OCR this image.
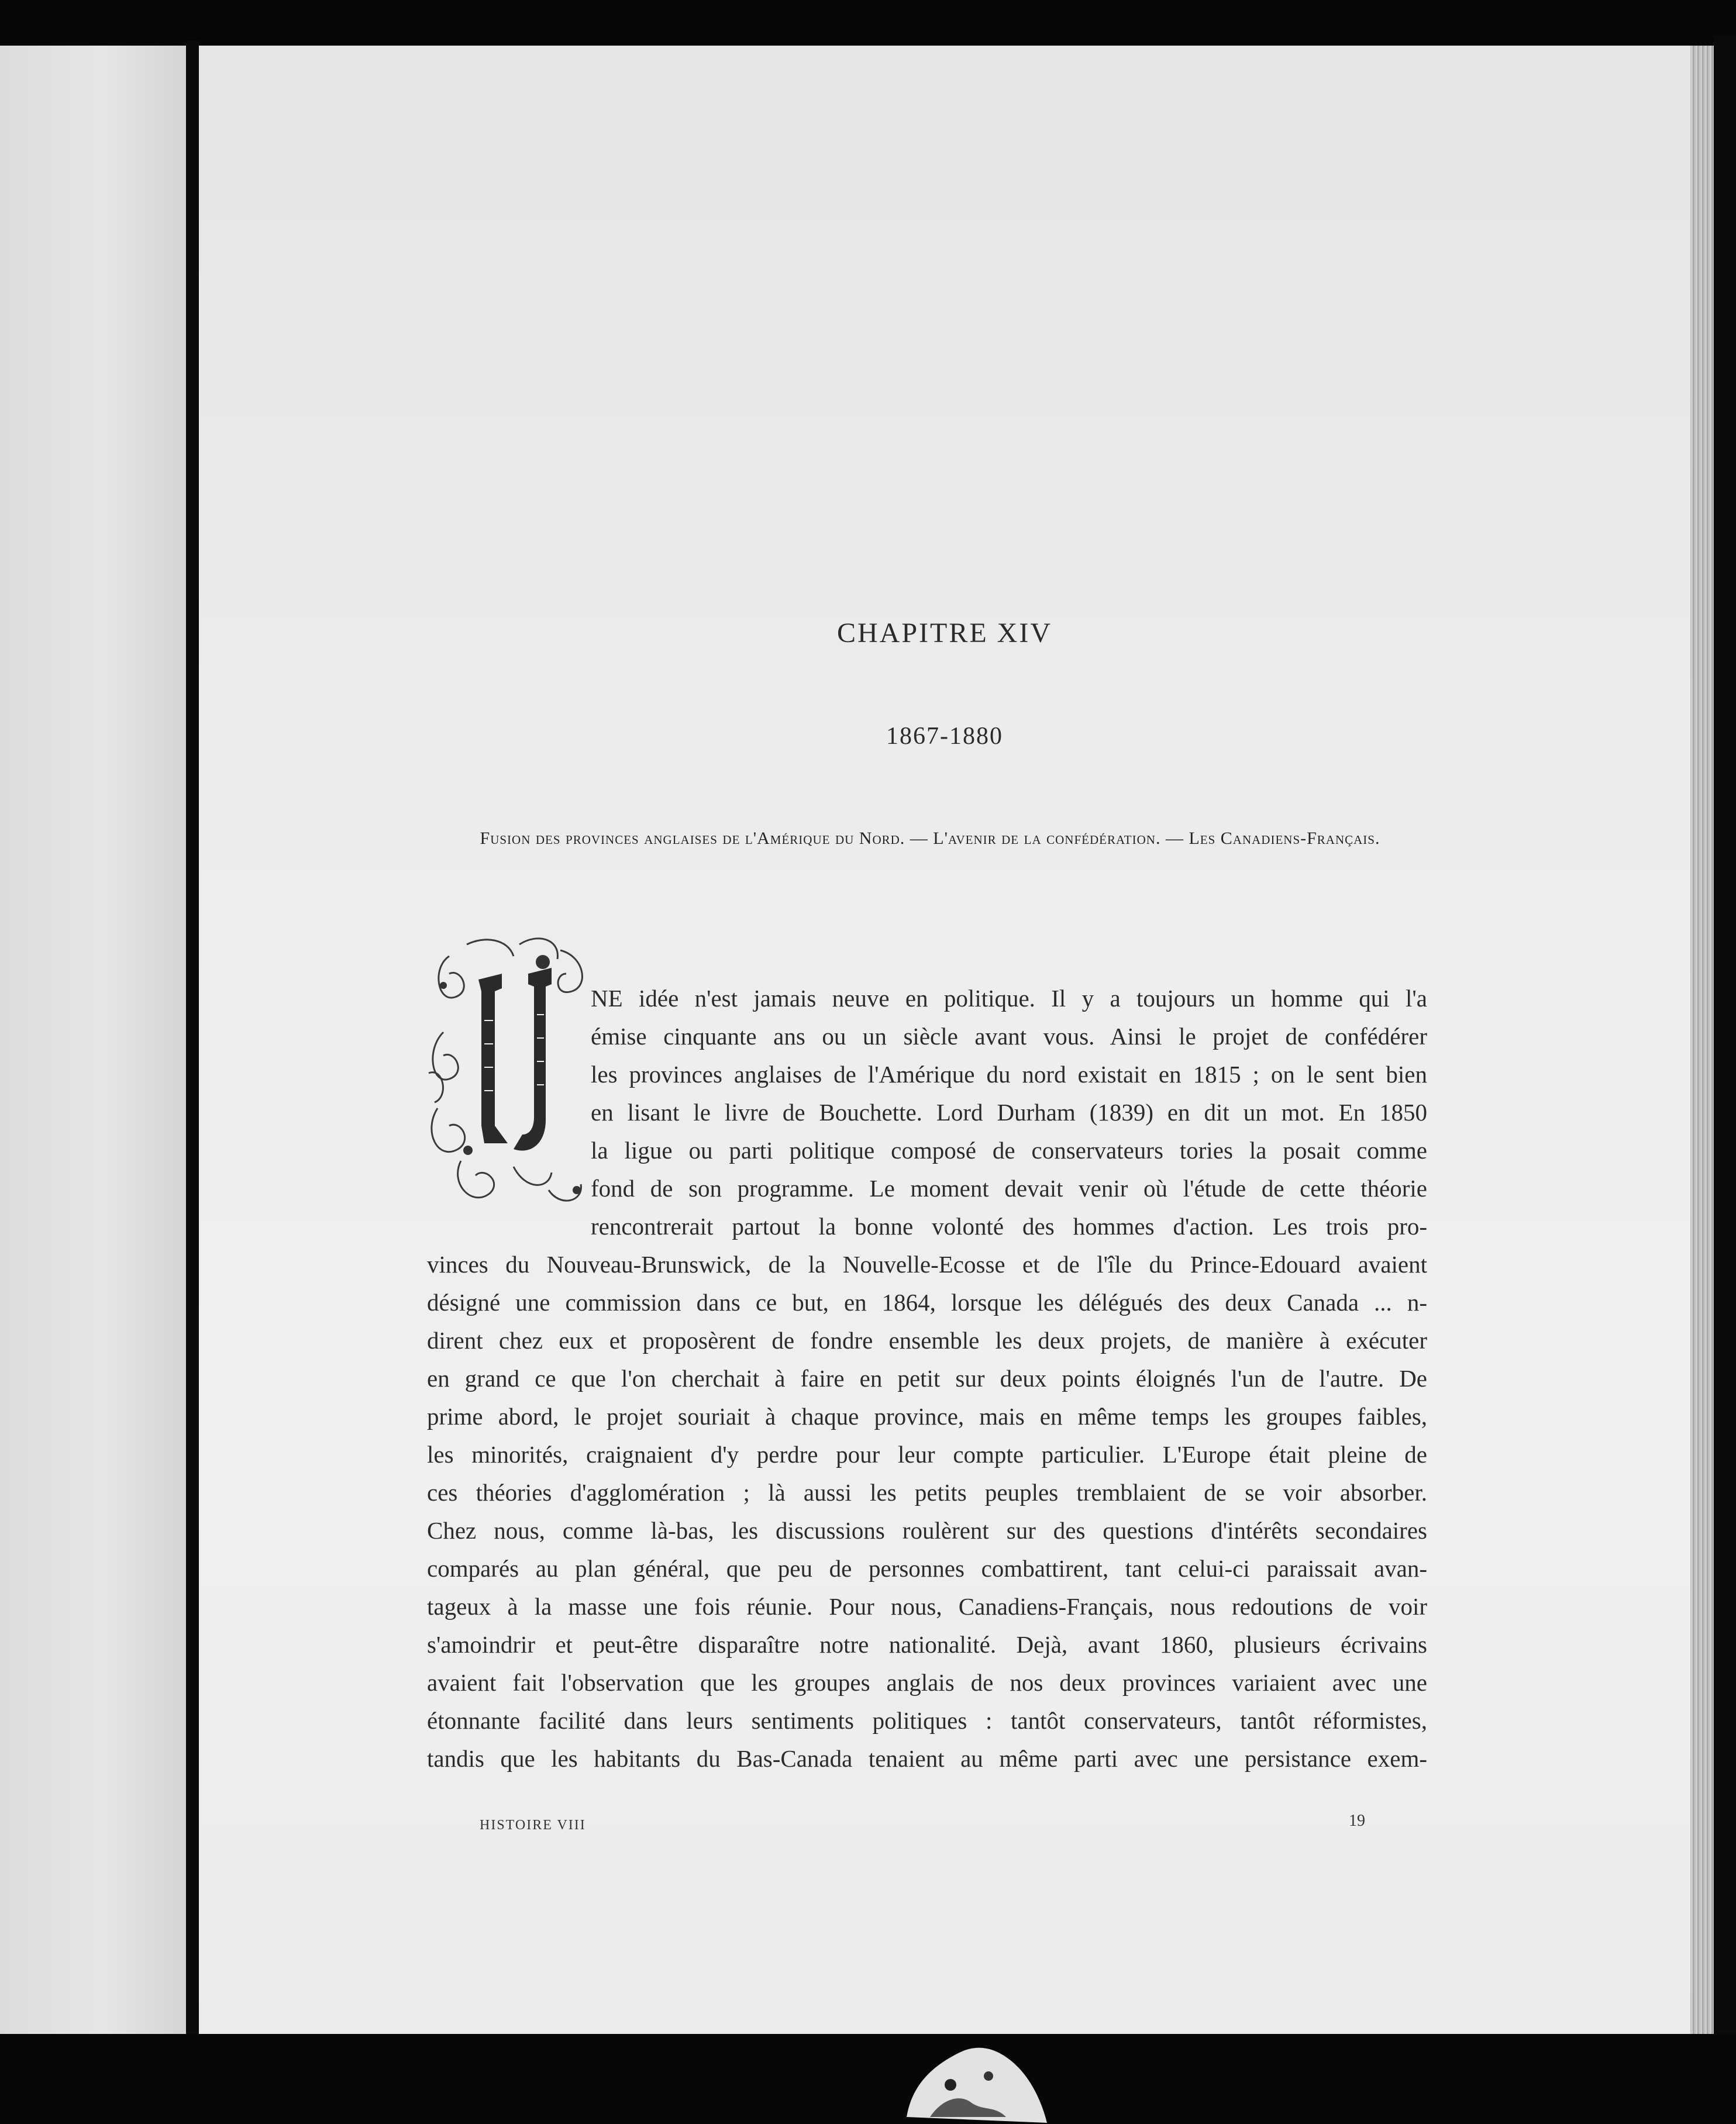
CHAPITRE XIV
1867-1880
Fusion des provinces anglaises de l'Amérique du Nord. — L'avenir de la confédération. — Les Canadiens-Français.
NE idée n'est jamais neuve en politique. Il y a toujours un homme qui l'a
émise cinquante ans ou un siècle avant vous. Ainsi le projet de confédérer
les provinces anglaises de l'Amérique du nord existait en 1815 ; on le sent bien
en lisant le livre de Bouchette. Lord Durham (1839) en dit un mot. En 1850
la ligue ou parti politique composé de conservateurs tories la posait comme
fond de son programme. Le moment devait venir où l'étude de cette théorie
rencontrerait partout la bonne volonté des hommes d'action. Les trois pro-
vinces du Nouveau-Brunswick, de la Nouvelle-Ecosse et de l'île du Prince-Edouard avaient
désigné une commission dans ce but, en 1864, lorsque les délégués des deux Canada ... n-
dirent chez eux et proposèrent de fondre ensemble les deux projets, de manière à exécuter
en grand ce que l'on cherchait à faire en petit sur deux points éloignés l'un de l'autre. De
prime abord, le projet souriait à chaque province, mais en même temps les groupes faibles,
les minorités, craignaient d'y perdre pour leur compte particulier. L'Europe était pleine de
ces théories d'agglomération ; là aussi les petits peuples tremblaient de se voir absorber.
Chez nous, comme là-bas, les discussions roulèrent sur des questions d'intérêts secondaires
comparés au plan général, que peu de personnes combattirent, tant celui-ci paraissait avan-
tageux à la masse une fois réunie. Pour nous, Canadiens-Français, nous redoutions de voir
s'amoindrir et peut-être disparaître notre nationalité. Dejà, avant 1860, plusieurs écrivains
avaient fait l'observation que les groupes anglais de nos deux provinces variaient avec une
étonnante facilité dans leurs sentiments politiques : tantôt conservateurs, tantôt réformistes,
tandis que les habitants du Bas-Canada tenaient au même parti avec une persistance exem-
HISTOIRE VIII	19
